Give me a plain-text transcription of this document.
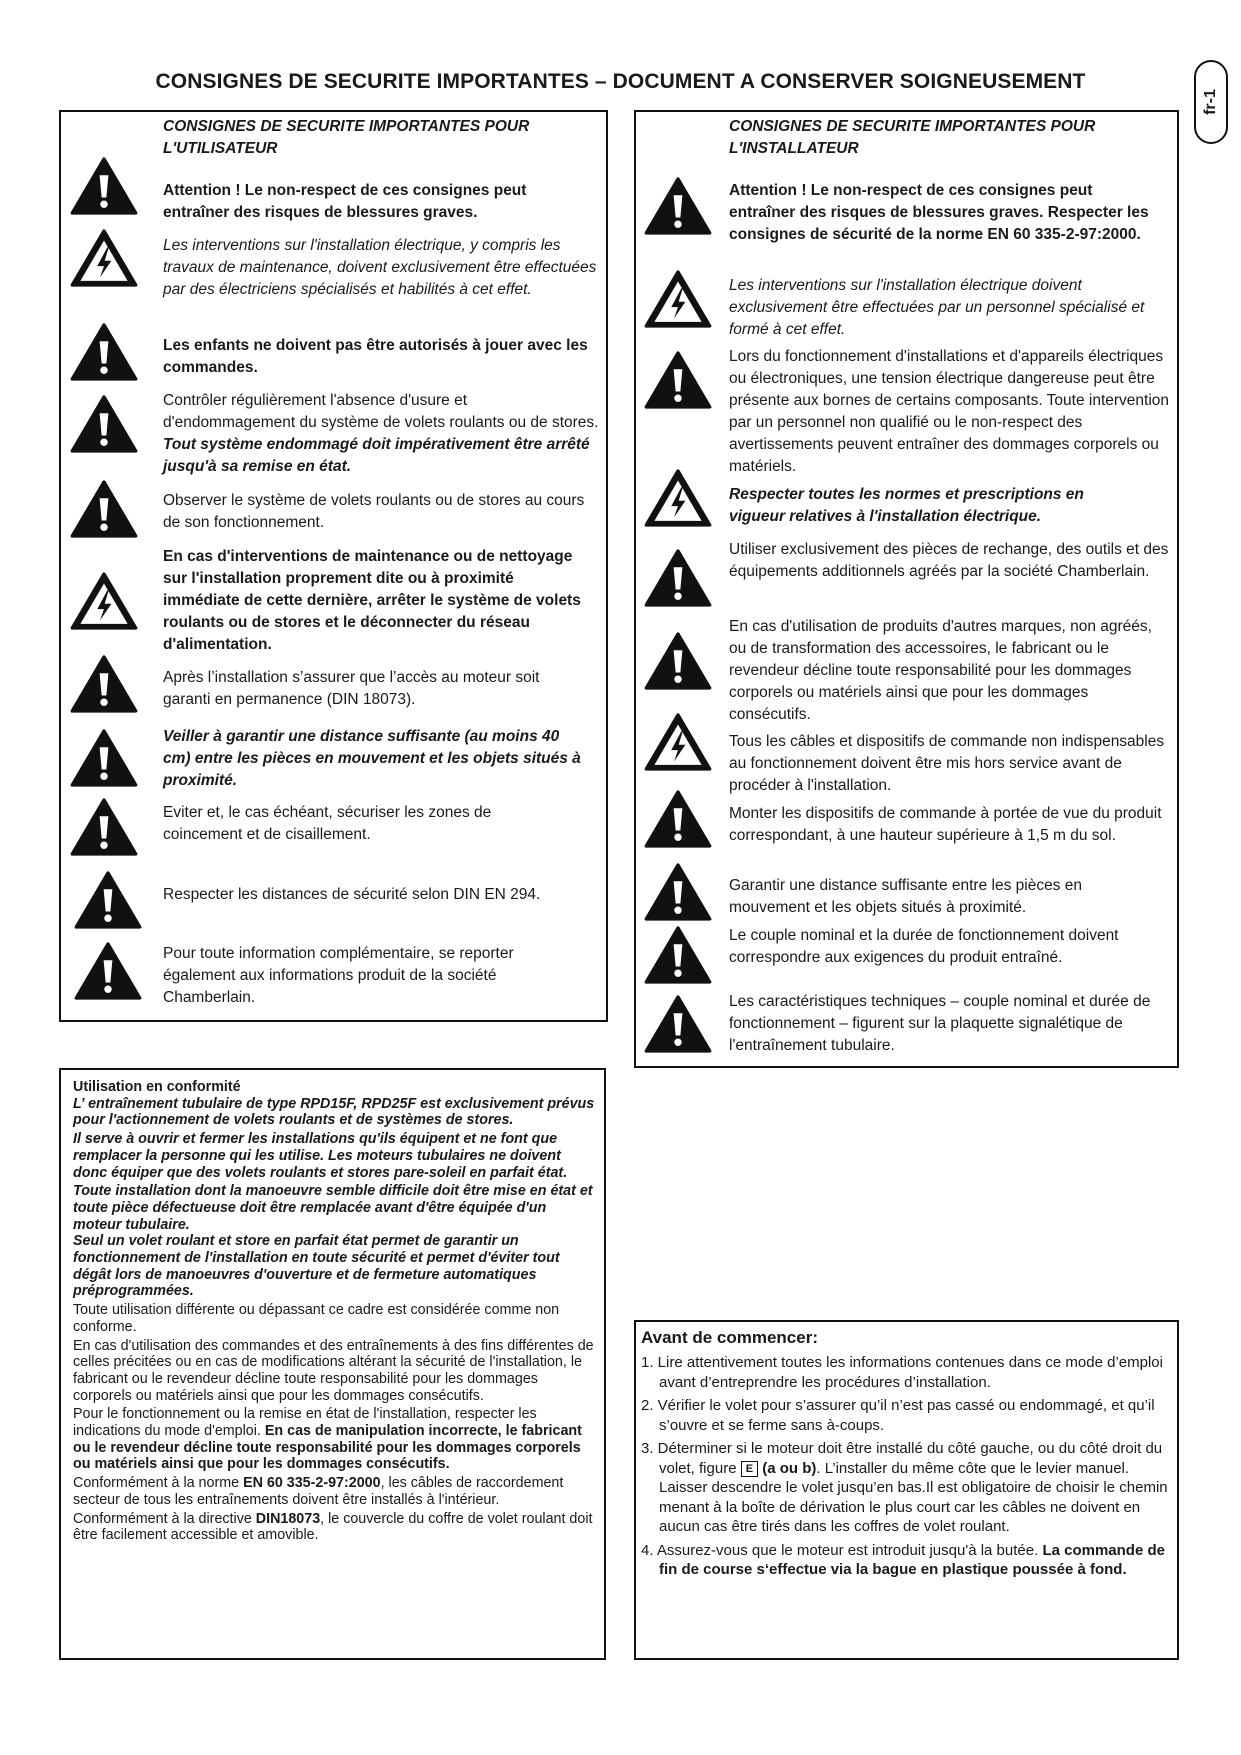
CONSIGNES DE SECURITE IMPORTANTES – DOCUMENT A CONSERVER SOIGNEUSEMENT
fr-1
CONSIGNES DE SECURITE IMPORTANTES POUR L'UTILISATEUR
Attention ! Le non-respect de ces consignes peut entraîner des risques de blessures graves.
Les interventions sur l'installation électrique, y compris les travaux de maintenance, doivent exclusivement être effectuées par des électriciens spécialisés et habilités à cet effet.
Les enfants ne doivent pas être autorisés à jouer avec les commandes.
Contrôler régulièrement l'absence d'usure et d'endommagement du système de volets roulants ou de stores. Tout système endommagé doit impérativement être arrêté jusqu'à sa remise en état.
Observer le système de volets roulants ou de stores au cours de son fonctionnement.
En cas d'interventions de maintenance ou de nettoyage sur l'installation proprement dite ou à proximité immédiate de cette dernière, arrêter le système de volets roulants ou de stores et le déconnecter du réseau d'alimentation.
Après l’installation s’assurer que l’accès au moteur soit garanti en permanence (DIN 18073).
Veiller à garantir une distance suffisante (au moins 40 cm) entre les pièces en mouvement et les objets situés à proximité.
Eviter et, le cas échéant, sécuriser les zones de coincement et de cisaillement.
Respecter les distances de sécurité selon DIN EN 294.
Pour toute information complémentaire, se reporter également aux informations produit de la société Chamberlain.
CONSIGNES DE SECURITE IMPORTANTES POUR L'INSTALLATEUR
Attention ! Le non-respect de ces consignes peut entraîner des risques de blessures graves. Respecter les consignes de sécurité de la norme EN 60 335-2-97:2000.
Les interventions sur l'installation électrique doivent exclusivement être effectuées par un personnel spécialisé et formé à cet effet.
Lors du fonctionnement d'installations et d'appareils électriques ou électroniques, une tension électrique dangereuse peut être présente aux bornes de certains composants. Toute intervention par un personnel non qualifié ou le non-respect des avertissements peuvent entraîner des dommages corporels ou matériels.
Respecter toutes les normes et prescriptions en vigueur relatives à l'installation électrique.
Utiliser exclusivement des pièces de rechange, des outils et des équipements additionnels agréés par la société Chamberlain.
En cas d'utilisation de produits d'autres marques, non agréés, ou de transformation des accessoires, le fabricant ou le revendeur décline toute responsabilité pour les dommages corporels ou matériels ainsi que pour les dommages consécutifs.
Tous les câbles et dispositifs de commande non indispensables au fonctionnement doivent être mis hors service avant de procéder à l'installation.
Monter les dispositifs de commande à portée de vue du produit correspondant, à une hauteur supérieure à 1,5 m du sol.
Garantir une distance suffisante entre les pièces en mouvement et les objets situés à proximité.
Le couple nominal et la durée de fonctionnement doivent correspondre aux exigences du produit entraîné.
Les caractéristiques techniques – couple nominal et durée de fonctionnement – figurent sur la plaquette signalétique de l'entraînement tubulaire.
Utilisation en conformité
L’ entraînement tubulaire de type RPD15F, RPD25F est exclusivement prévus pour l'actionnement de volets roulants et de systèmes de stores.
Il serve à ouvrir et fermer les installations qu'ils équipent et ne font que remplacer la personne qui les utilise. Les moteurs tubulaires ne doivent donc équiper que des volets roulants et stores pare-soleil en parfait état.
Toute installation dont la manoeuvre semble difficile doit être mise en état et toute pièce défectueuse doit être remplacée avant d'être équipée d'un moteur tubulaire.
Seul un volet roulant et store en parfait état permet de garantir un fonctionnement de l'installation en toute sécurité et permet d'éviter tout dégât lors de manoeuvres d'ouverture et de fermeture automatiques préprogrammées.
Toute utilisation différente ou dépassant ce cadre est considérée comme non conforme.
En cas d'utilisation des commandes et des entraînements à des fins différentes de celles précitées ou en cas de modifications altérant la sécurité de l'installation, le fabricant ou le revendeur décline toute responsabilité pour les dommages corporels ou matériels ainsi que pour les dommages consécutifs.
Pour le fonctionnement ou la remise en état de l'installation, respecter les indications du mode d'emploi. En cas de manipulation incorrecte, le fabricant ou le revendeur décline toute responsabilité pour les dommages corporels ou matériels ainsi que pour les dommages consécutifs.
Conformément à la norme EN 60 335-2-97:2000, les câbles de raccordement secteur de tous les entraînements doivent être installés à l'intérieur.
Conformément à la directive DIN18073, le couvercle du coffre de volet roulant doit être facilement accessible et amovible.
Avant de commencer:
1. Lire attentivement toutes les informations contenues dans ce mode d’emploi avant d’entreprendre les procédures d’installation.
2. Vérifier le volet pour s’assurer qu’il n’est pas cassé ou endommagé, et qu’il s’ouvre et se ferme sans à-coups.
3. Déterminer si le moteur doit être installé du côté gauche, ou du côté droit du volet, figure E (a ou b). L’installer du même côte que le levier manuel. Laisser descendre le volet jusqu’en bas.Il est obligatoire de choisir le chemin menant à la boîte de dérivation le plus court car les câbles ne doivent en aucun cas être tirés dans les coffres de volet roulant.
4. Assurez-vous que le moteur est introduit jusqu'à la butée. La commande de fin de course s‘effectue via la bague en plastique poussée à fond.
